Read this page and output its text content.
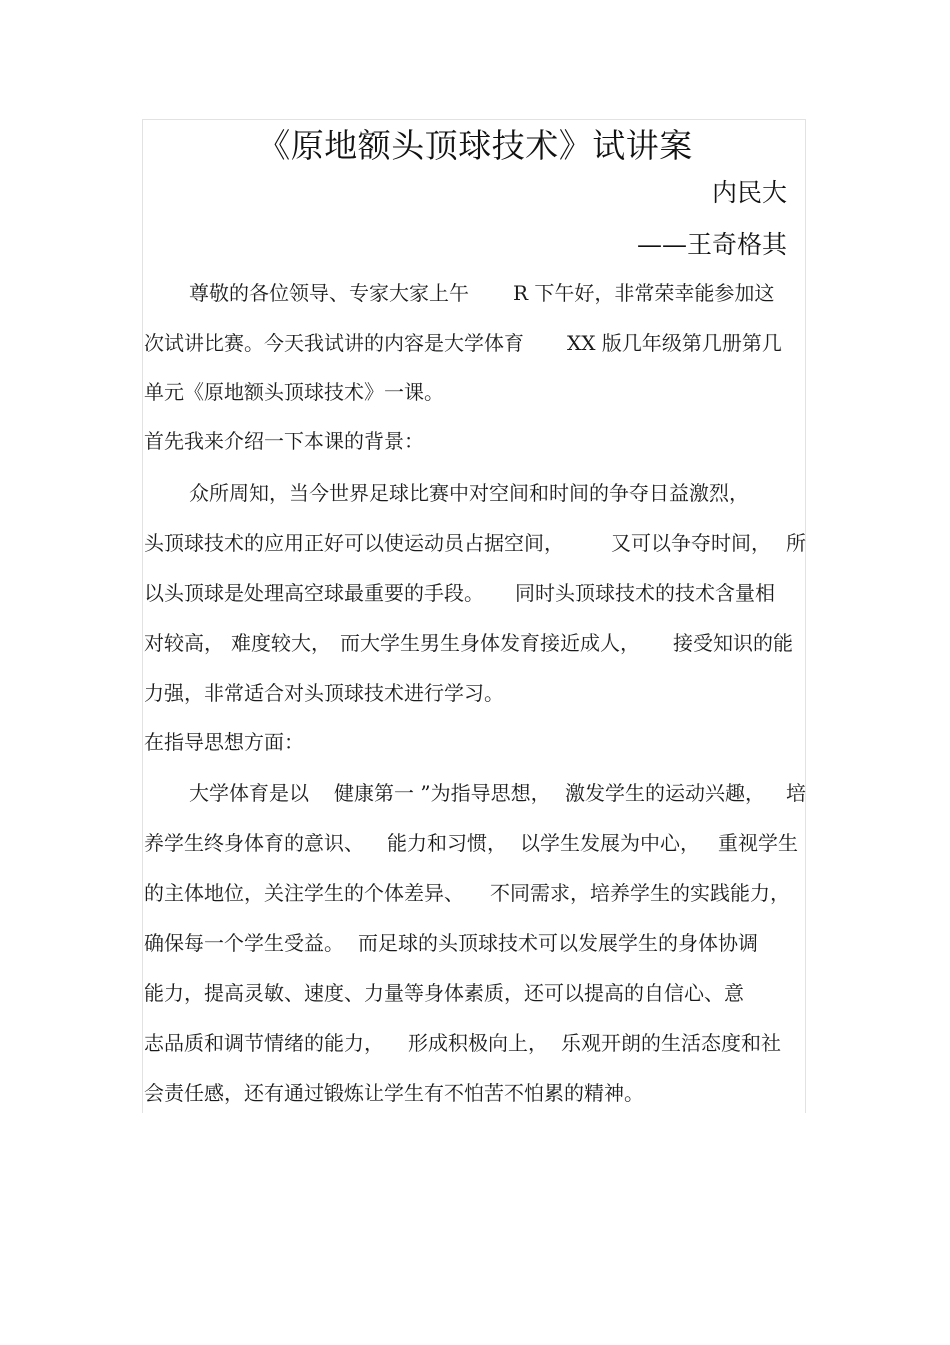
《原地额头顶球技术》试讲案
内民大
——王奇格其
尊敬的各位领导、专家大家上午 R 下午好，非常荣幸能参加这
次试讲比赛。今天我试讲的内容是大学体育 XX 版几年级第几册第几
单元《原地额头顶球技术》一课。
首先我来介绍一下本课的背景：
众所周知，当今世界足球比赛中对空间和时间的争夺日益激烈，
头顶球技术的应用正好可以使运动员占据空间， 又可以争夺时间， 所
以头顶球是处理高空球最重要的手段。 同时头顶球技术的技术含量相
对较高， 难度较大， 而大学生男生身体发育接近成人， 接受知识的能
力强，非常适合对头顶球技术进行学习。
在指导思想方面：
大学体育是以 健康第一 ”为指导思想， 激发学生的运动兴趣， 培
养学生终身体育的意识、 能力和习惯， 以学生发展为中心， 重视学生
的主体地位，关注学生的个体差异、 不同需求，培养学生的实践能力，
确保每一个学生受益。 而足球的头顶球技术可以发展学生的身体协调
能力，提高灵敏、速度、力量等身体素质，还可以提高的自信心、意
志品质和调节情绪的能力， 形成积极向上， 乐观开朗的生活态度和社
会责任感，还有通过锻炼让学生有不怕苦不怕累的精神。
